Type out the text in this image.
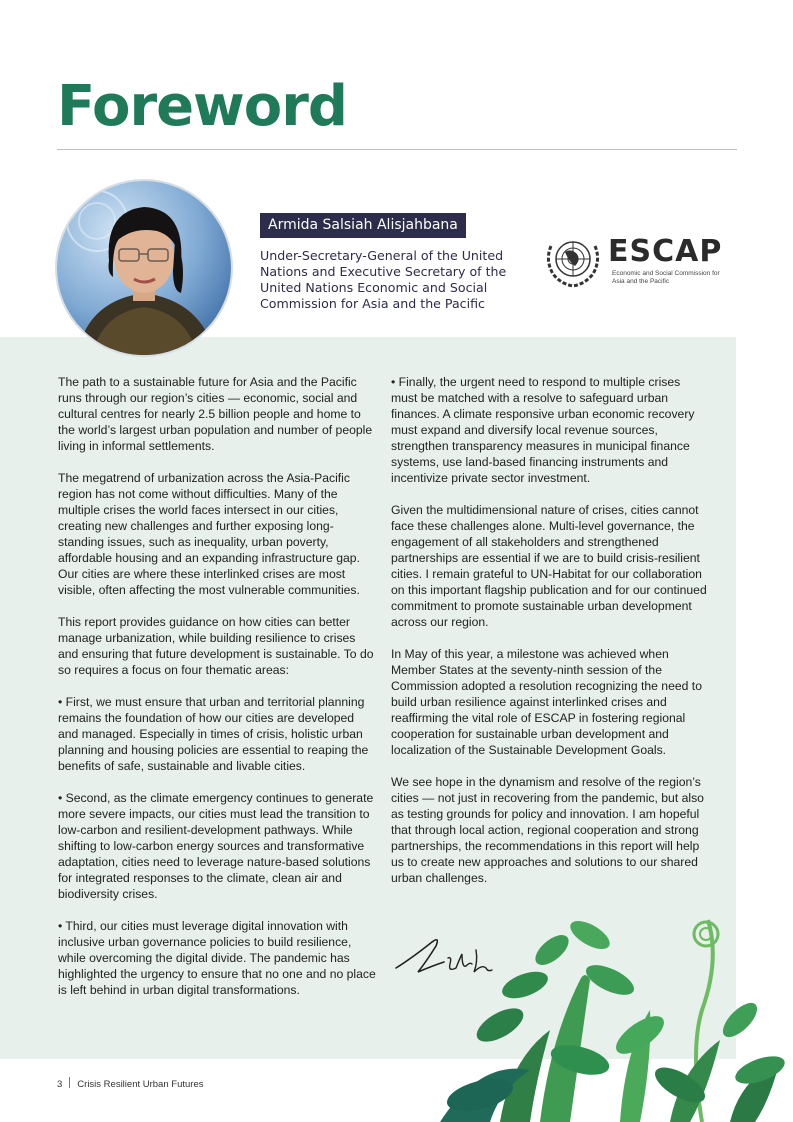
Foreword
Armida Salsiah Alisjahbana

Under-Secretary-General of the United Nations and Executive Secretary of the United Nations Economic and Social Commission for Asia and the Pacific

ESCAP
Economic and Social Commission for Asia and the Pacific

The path to a sustainable future for Asia and the Pacific runs through our region’s cities — economic, social and cultural centres for nearly 2.5 billion people and home to the world’s largest urban population and number of people living in informal settlements.

The megatrend of urbanization across the Asia-Pacific region has not come without difficulties. Many of the multiple crises the world faces intersect in our cities, creating new challenges and further exposing long-standing issues, such as inequality, urban poverty, affordable housing and an expanding infrastructure gap. Our cities are where these interlinked crises are most visible, often affecting the most vulnerable communities.

This report provides guidance on how cities can better manage urbanization, while building resilience to crises and ensuring that future development is sustainable. To do so requires a focus on four thematic areas:

• First, we must ensure that urban and territorial planning remains the foundation of how our cities are developed and managed. Especially in times of crisis, holistic urban planning and housing policies are essential to reaping the benefits of safe, sustainable and livable cities.

• Second, as the climate emergency continues to generate more severe impacts, our cities must lead the transition to low-carbon and resilient-development pathways. While shifting to low-carbon energy sources and transformative adaptation, cities need to leverage nature-based solutions for integrated responses to the climate, clean air and biodiversity crises.

• Third, our cities must leverage digital innovation with inclusive urban governance policies to build resilience, while overcoming the digital divide. The pandemic has highlighted the urgency to ensure that no one and no place is left behind in urban digital transformations.

• Finally, the urgent need to respond to multiple crises must be matched with a resolve to safeguard urban finances. A climate responsive urban economic recovery must expand and diversify local revenue sources, strengthen transparency measures in municipal finance systems, use land-based financing instruments and incentivize private sector investment.

Given the multidimensional nature of crises, cities cannot face these challenges alone. Multi-level governance, the engagement of all stakeholders and strengthened partnerships are essential if we are to build crisis-resilient cities. I remain grateful to UN-Habitat for our collaboration on this important flagship publication and for our continued commitment to promote sustainable urban development across our region.

In May of this year, a milestone was achieved when Member States at the seventy-ninth session of the Commission adopted a resolution recognizing the need to build urban resilience against interlinked crises and reaffirming the vital role of ESCAP in fostering regional cooperation for sustainable urban development and localization of the Sustainable Development Goals.

We see hope in the dynamism and resolve of the region’s cities — not just in recovering from the pandemic, but also as testing grounds for policy and innovation. I am hopeful that through local action, regional cooperation and strong partnerships, the recommendations in this report will help us to create new approaches and solutions to our shared urban challenges.

3 Crisis Resilient Urban Futures
